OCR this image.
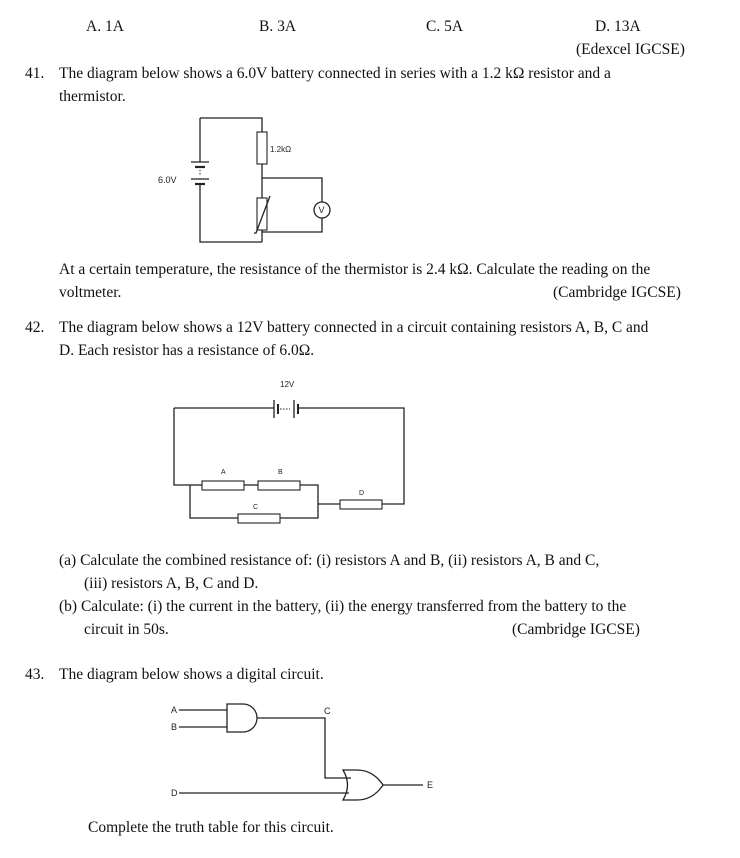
A. 1A	B. 3A	C. 5A	D. 13A
(Edexcel IGCSE)
41. The diagram below shows a 6.0V battery connected in series with a 1.2 kΩ resistor and a
thermistor.
6.0V
1.2kΩ
V
At a certain temperature, the resistance of the thermistor is 2.4 kΩ. Calculate the reading on the
voltmeter.	(Cambridge IGCSE)
42. The diagram below shows a 12V battery connected in a circuit containing resistors A, B, C and
D. Each resistor has a resistance of 6.0Ω.
12V
A	B
C
D
(a) Calculate the combined resistance of: (i) resistors A and B, (ii) resistors A, B and C,
(iii) resistors A, B, C and D.
(b) Calculate: (i) the current in the battery, (ii) the energy transferred from the battery to the
circuit in 50s.	(Cambridge IGCSE)
43. The diagram below shows a digital circuit.
A
B
C
D
E
Complete the truth table for this circuit.
